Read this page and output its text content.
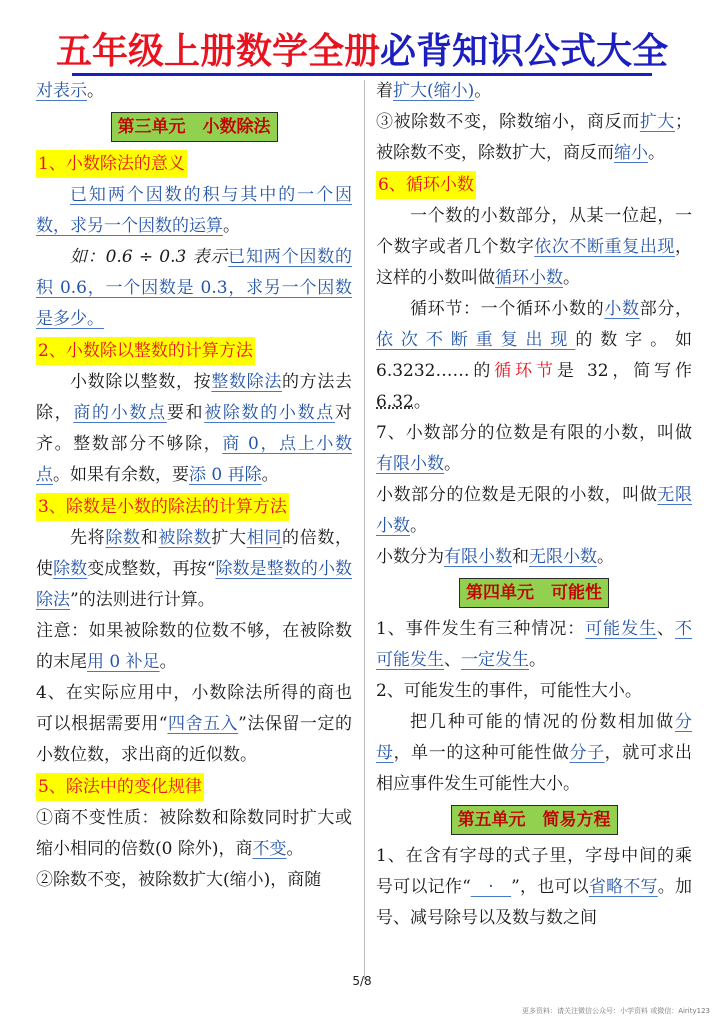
五年级上册数学全册必背知识公式大全

对表示。

第三单元　小数除法

1、小数除法的意义

已知两个因数的积与其中的一个因数，求另一个因数的运算。

如：0.6 ÷ 0.3 表示已知两个因数的积 0.6，一个因数是 0.3，求另一个因数是多少。

2、小数除以整数的计算方法

小数除以整数，按整数除法的方法去除，商的小数点要和被除数的小数点对齐。整数部分不够除，商 0，点上小数点。如果有余数，要添 0 再除。

3、除数是小数的除法的计算方法

先将除数和被除数扩大相同的倍数，使除数变成整数，再按“除数是整数的小数除法”的法则进行计算。

注意：如果被除数的位数不够，在被除数的末尾用 0 补足。

4、在实际应用中，小数除法所得的商也可以根据需要用“四舍五入”法保留一定的小数位数，求出商的近似数。

5、除法中的变化规律

①商不变性质：被除数和除数同时扩大或缩小相同的倍数(0 除外)，商不变。

②除数不变，被除数扩大(缩小)，商随

着扩大(缩小)。

③被除数不变，除数缩小，商反而扩大；被除数不变，除数扩大，商反而缩小。

6、循环小数

一个数的小数部分，从某一位起，一个数字或者几个数字依次不断重复出现，这样的小数叫做循环小数。

循环节：一个循环小数的小数部分，依次不断重复出现的数字。如 6.3232……的循环节是 32，简写作 6.32。

7、小数部分的位数是有限的小数，叫做有限小数。

小数部分的位数是无限的小数，叫做无限小数。

小数分为有限小数和无限小数。

第四单元　可能性

1、事件发生有三种情况：可能发生、不可能发生、一定发生。

2、可能发生的事件，可能性大小。

把几种可能的情况的份数相加做分母，单一的这种可能性做分子，就可求出相应事件发生可能性大小。

第五单元　简易方程

1、在含有字母的式子里，字母中间的乘号可以记作“　·　”，也可以省略不写。加号、减号除号以及数与数之间

5/8
更多资料：请关注微信公众号：小学资料 或微信：Airity123
